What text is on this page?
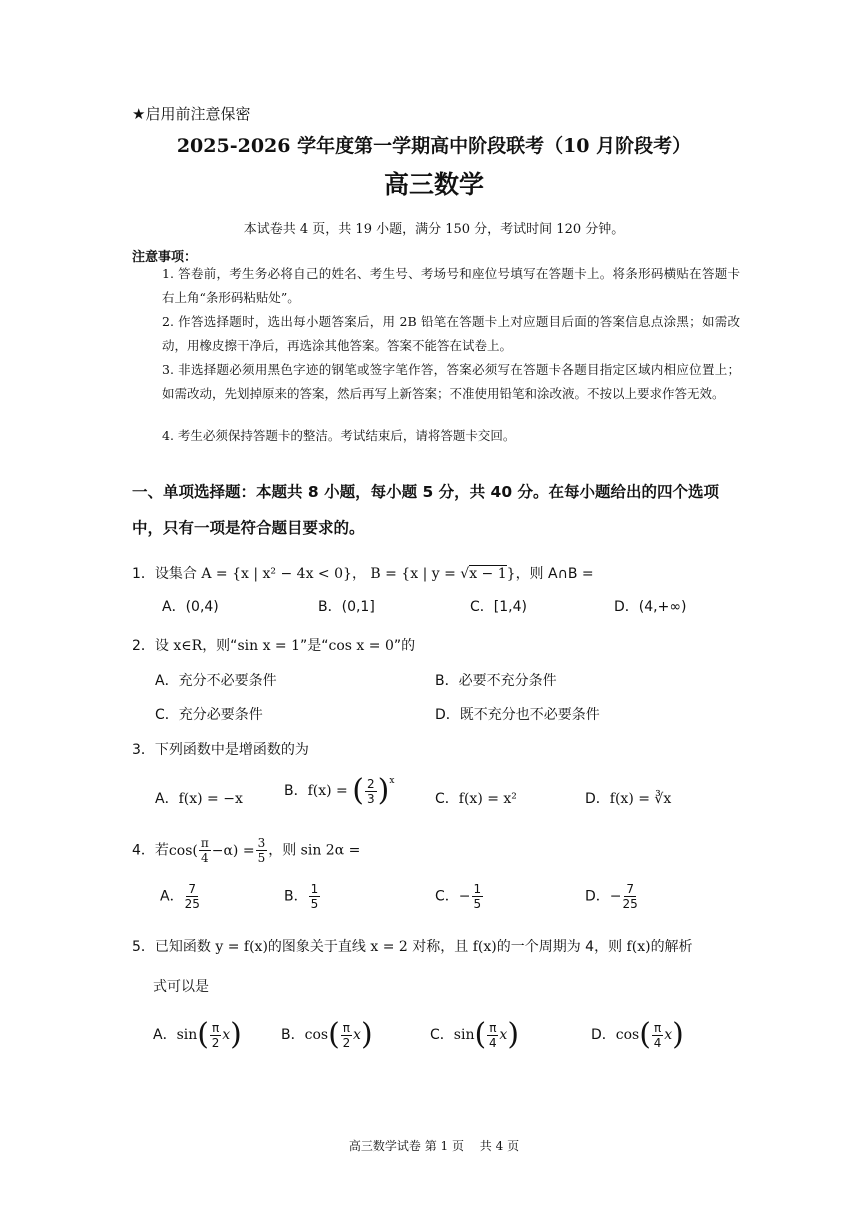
★启用前注意保密
2025-2026 学年度第一学期高中阶段联考（10 月阶段考）
高三数学
本试卷共 4 页，共 19 小题，满分 150 分，考试时间 120 分钟。
注意事项：
1. 答卷前，考生务必将自己的姓名、考生号、考场号和座位号填写在答题卡上。将条形码横贴在答题卡右上角“条形码粘贴处”。
2. 作答选择题时，选出每小题答案后，用 2B 铅笔在答题卡上对应题目后面的答案信息点涂黑；如需改动，用橡皮擦干净后，再选涂其他答案。答案不能答在试卷上。
3. 非选择题必须用黑色字迹的钢笔或签字笔作答，答案必须写在答题卡各题目指定区域内相应位置上；如需改动，先划掉原来的答案，然后再写上新答案；不准使用铅笔和涂改液。不按以上要求作答无效。
4. 考生必须保持答题卡的整洁。考试结束后，请将答题卡交回。
一、单项选择题：本题共 8 小题，每小题 5 分，共 40 分。在每小题给出的四个选项中，只有一项是符合题目要求的。
1．设集合 A = {x | x² − 4x < 0}， B = {x | y = √x − 1}，则 A∩B =
A．(0,4)	B．(0,1]	C．[1,4)	D．(4,+∞)
2．设 x∈R，则“sin x = 1”是“cos x = 0”的
A．充分不必要条件	B．必要不充分条件
C．充分必要条件	D．既不充分也不必要条件
3．下列函数中是增函数的为
A．f(x) = −x	B．f(x) = ( $\frac{2}{3} )^x$
C．f(x) = x²	D．f(x) = ∛x
4．若$\cos( \frac{\pi}{4} -\alpha) = \frac{3}{5}$ ，则 sin 2α =
A． $\frac{7}{25}$	B． $\frac{1}{5}$	C．− $\frac{1}{5}$	D．− $\frac{7}{25}$
5．已知函数 y = f(x)的图象关于直线 x = 2 对称，且 f(x)的一个周期为 4，则 f(x)的解析
式可以是
A．$\sin( \frac{\pi}{2} x)$	B．$\cos( \frac{\pi}{2} x)$	C．$\sin( \frac{\pi}{4} x)$	D．$\cos( \frac{\pi}{4} x)$
高三数学试卷 第 1 页　 共 4 页
